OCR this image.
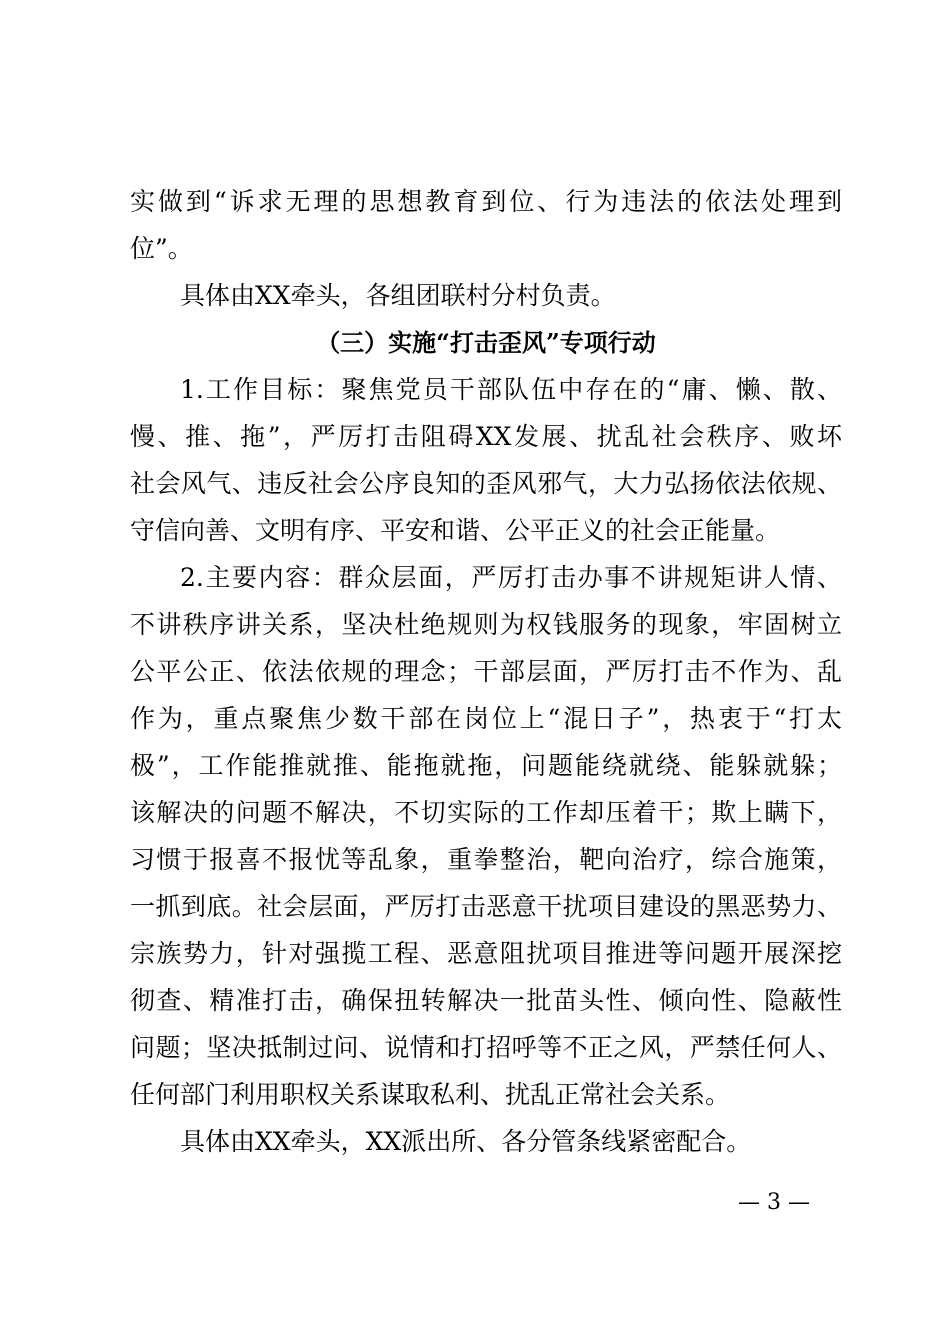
实做到“诉求无理的思想教育到位、行为违法的依法处理到
位”。
具体由XX牵头，各组团联村分村负责。
（三）实施“打击歪风”专项行动
1.工作目标：聚焦党员干部队伍中存在的“庸、懒、散、
慢、推、拖”，严厉打击阻碍XX发展、扰乱社会秩序、败坏
社会风气、违反社会公序良知的歪风邪气，大力弘扬依法依规、
守信向善、文明有序、平安和谐、公平正义的社会正能量。
2.主要内容：群众层面，严厉打击办事不讲规矩讲人情、
不讲秩序讲关系，坚决杜绝规则为权钱服务的现象，牢固树立
公平公正、依法依规的理念；干部层面，严厉打击不作为、乱
作为，重点聚焦少数干部在岗位上“混日子”，热衷于“打太
极”，工作能推就推、能拖就拖，问题能绕就绕、能躲就躲；
该解决的问题不解决，不切实际的工作却压着干；欺上瞒下，
习惯于报喜不报忧等乱象，重拳整治，靶向治疗，综合施策，
一抓到底。社会层面，严厉打击恶意干扰项目建设的黑恶势力、
宗族势力，针对强揽工程、恶意阻扰项目推进等问题开展深挖
彻查、精准打击，确保扭转解决一批苗头性、倾向性、隐蔽性
问题；坚决抵制过问、说情和打招呼等不正之风，严禁任何人、
任何部门利用职权关系谋取私利、扰乱正常社会关系。
具体由XX牵头，XX派出所、各分管条线紧密配合。
— 3 —
